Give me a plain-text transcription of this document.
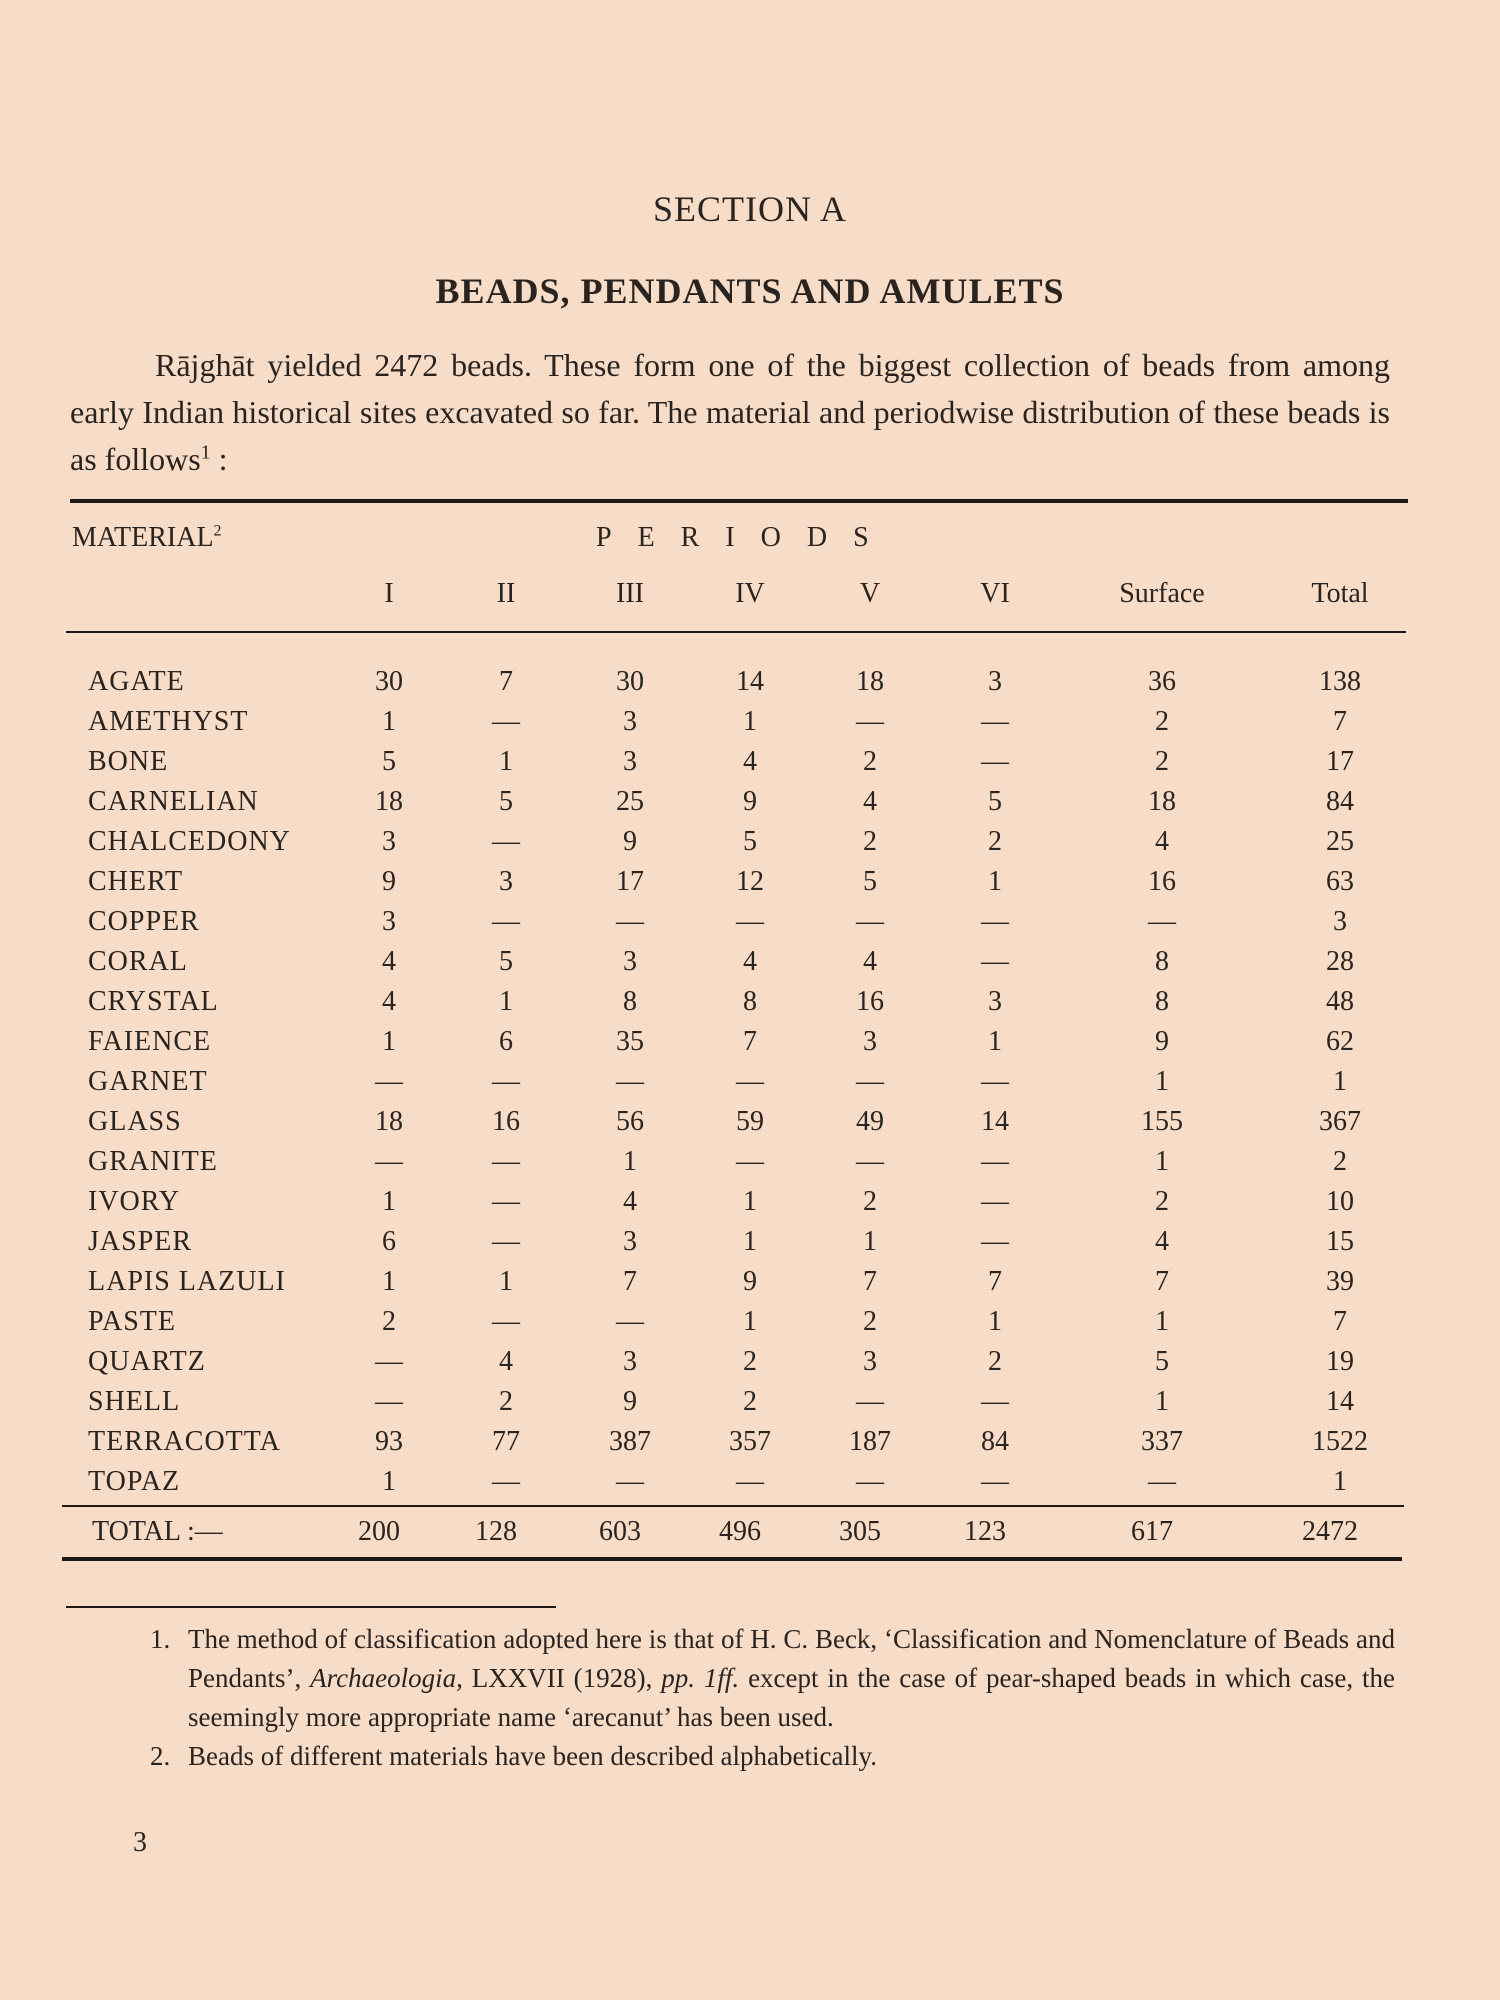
SECTION A
BEADS, PENDANTS AND AMULETS
Rājghāt yielded 2472 beads. These form one of the biggest collection of beads from among early Indian historical sites excavated so far. The material and periodwise distribution of these beads is as follows$^1$ :
MATERIAL$^2$	PERIODS
I	II	III	IV	V	VI	Surface	Total
AGATE	30	7	30	14	18	3	36	138
AMETHYST	1	—	3	1	—	—	2	7
BONE	5	1	3	4	2	—	2	17
CARNELIAN	18	5	25	9	4	5	18	84
CHALCEDONY	3	—	9	5	2	2	4	25
CHERT	9	3	17	12	5	1	16	63
COPPER	3	—	—	—	—	—	—	3
CORAL	4	5	3	4	4	—	8	28
CRYSTAL	4	1	8	8	16	3	8	48
FAIENCE	1	6	35	7	3	1	9	62
GARNET	—	—	—	—	—	—	1	1
GLASS	18	16	56	59	49	14	155	367
GRANITE	—	—	1	—	—	—	1	2
IVORY	1	—	4	1	2	—	2	10
JASPER	6	—	3	1	1	—	4	15
LAPIS LAZULI	1	1	7	9	7	7	7	39
PASTE	2	—	—	1	2	1	1	7
QUARTZ	—	4	3	2	3	2	5	19
SHELL	—	2	9	2	—	—	1	14
TERRACOTTA	93	77	387	357	187	84	337	1522
TOPAZ	1	—	—	—	—	—	—	1
TOTAL :—	200	128	603	496	305	123	617	2472
1. The method of classification adopted here is that of H. C. Beck, ‘Classification and Nomenclature of Beads and Pendants’, Archaeologia, LXXVII (1928), pp. 1ff. except in the case of pear-shaped beads in which case, the seemingly more appropriate name ‘arecanut’ has been used.
2. Beads of different materials have been described alphabetically.
3
